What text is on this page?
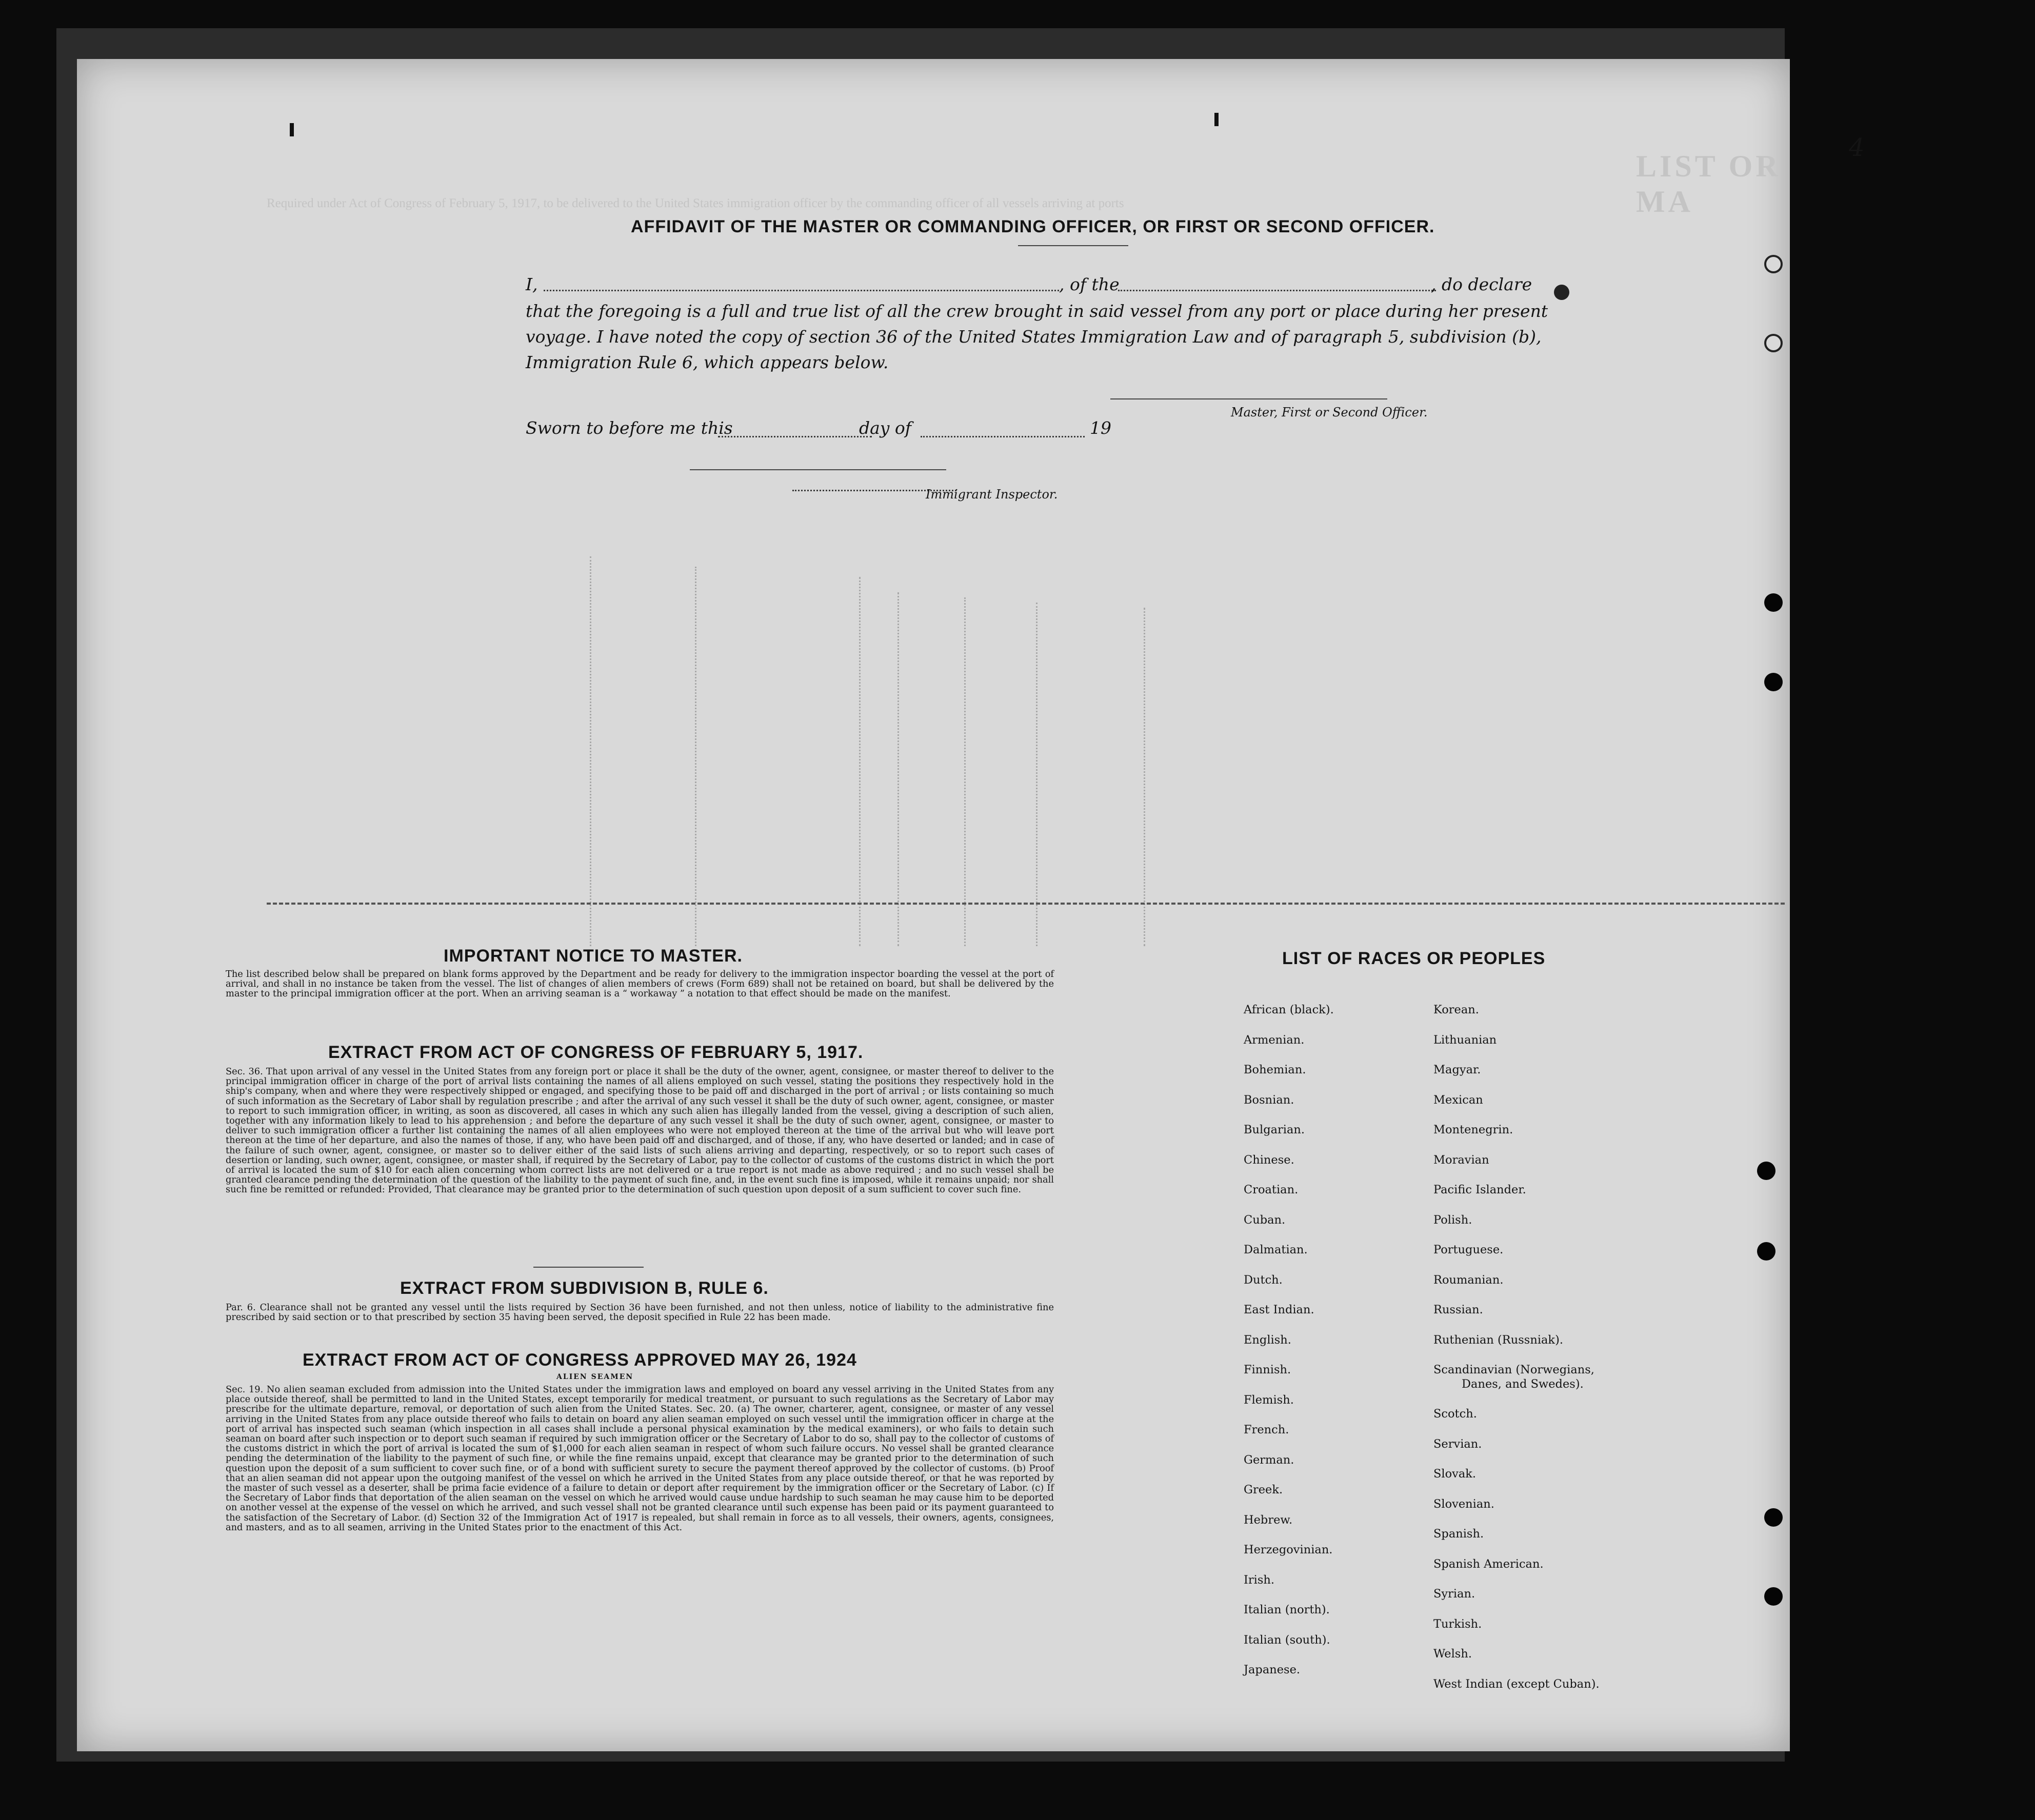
LIST OR MA
Required under Act of Congress of February 5, 1917, to be delivered to the United States immigration officer by the commanding officer of all vessels arriving at ports
4
AFFIDAVIT OF THE MASTER OR COMMANDING OFFICER, OR FIRST OR SECOND OFFICER.
I,	, of the	, do declare
that the foregoing is a full and true list of all the crew brought in said vessel from any port or place during her present
voyage. I have noted the copy of section 36 of the United States Immigration Law and of paragraph 5, subdivision (b),
Immigration Rule 6, which appears below.
Master, First or Second Officer.
Sworn to before me this	day of	19
Immigrant Inspector.
IMPORTANT NOTICE TO MASTER.

The list described below shall be prepared on blank forms approved by the Department and be ready for delivery to the immigration inspector boarding the vessel at the port of arrival, and shall in no instance be taken from the vessel. The list of changes of alien members of crews (Form 689) shall not be retained on board, but shall be delivered by the master to the principal immigration officer at the port. When an arriving seaman is a “ workaway ” a notation to that effect should be made on the manifest.

EXTRACT FROM ACT OF CONGRESS OF FEBRUARY 5, 1917.

Sec. 36. That upon arrival of any vessel in the United States from any foreign port or place it shall be the duty of the owner, agent, consignee, or master thereof to deliver to the principal immigration officer in charge of the port of arrival lists containing the names of all aliens employed on such vessel, stating the positions they respectively hold in the ship's company, when and where they were respectively shipped or engaged, and specifying those to be paid off and discharged in the port of arrival ; or lists containing so much of such information as the Secretary of Labor shall by regulation prescribe ; and after the arrival of any such vessel it shall be the duty of such owner, agent, consignee, or master to report to such immigration officer, in writing, as soon as discovered, all cases in which any such alien has illegally landed from the vessel, giving a description of such alien, together with any information likely to lead to his apprehension ; and before the departure of any such vessel it shall be the duty of such owner, agent, consignee, or master to deliver to such immigration officer a further list containing the names of all alien employees who were not employed thereon at the time of the arrival but who will leave port thereon at the time of her departure, and also the names of those, if any, who have been paid off and discharged, and of those, if any, who have deserted or landed; and in case of the failure of such owner, agent, consignee, or master so to deliver either of the said lists of such aliens arriving and departing, respectively, or so to report such cases of desertion or landing, such owner, agent, consignee, or master shall, if required by the Secretary of Labor, pay to the collector of customs of the customs district in which the port of arrival is located the sum of $10 for each alien concerning whom correct lists are not delivered or a true report is not made as above required ; and no such vessel shall be granted clearance pending the determination of the question of the liability to the payment of such fine, and, in the event such fine is imposed, while it remains unpaid; nor shall such fine be remitted or refunded: Provided, That clearance may be granted prior to the determination of such question upon deposit of a sum sufficient to cover such fine.

EXTRACT FROM SUBDIVISION B, RULE 6.

Par. 6. Clearance shall not be granted any vessel until the lists required by Section 36 have been furnished, and not then unless, notice of liability to the administrative fine prescribed by said section or to that prescribed by section 35 having been served, the deposit specified in Rule 22 has been made.

EXTRACT FROM ACT OF CONGRESS APPROVED MAY 26, 1924
ALIEN SEAMEN

Sec. 19. No alien seaman excluded from admission into the United States under the immigration laws and employed on board any vessel arriving in the United States from any place outside thereof, shall be permitted to land in the United States, except temporarily for medical treatment, or pursuant to such regulations as the Secretary of Labor may prescribe for the ultimate departure, removal, or deportation of such alien from the United States. Sec. 20. (a) The owner, charterer, agent, consignee, or master of any vessel arriving in the United States from any place outside thereof who fails to detain on board any alien seaman employed on such vessel until the immigration officer in charge at the port of arrival has inspected such seaman (which inspection in all cases shall include a personal physical examination by the medical examiners), or who fails to detain such seaman on board after such inspection or to deport such seaman if required by such immigration officer or the Secretary of Labor to do so, shall pay to the collector of customs of the customs district in which the port of arrival is located the sum of $1,000 for each alien seaman in respect of whom such failure occurs. No vessel shall be granted clearance pending the determination of the liability to the payment of such fine, or while the fine remains unpaid, except that clearance may be granted prior to the determination of such question upon the deposit of a sum sufficient to cover such fine, or of a bond with sufficient surety to secure the payment thereof approved by the collector of customs. (b) Proof that an alien seaman did not appear upon the outgoing manifest of the vessel on which he arrived in the United States from any place outside thereof, or that he was reported by the master of such vessel as a deserter, shall be prima facie evidence of a failure to detain or deport after requirement by the immigration officer or the Secretary of Labor. (c) If the Secretary of Labor finds that deportation of the alien seaman on the vessel on which he arrived would cause undue hardship to such seaman he may cause him to be deported on another vessel at the expense of the vessel on which he arrived, and such vessel shall not be granted clearance until such expense has been paid or its payment guaranteed to the satisfaction of the Secretary of Labor. (d) Section 32 of the Immigration Act of 1917 is repealed, but shall remain in force as to all vessels, their owners, agents, consignees, and masters, and as to all seamen, arriving in the United States prior to the enactment of this Act.

LIST OF RACES OR PEOPLES
African (black).
Armenian.
Bohemian.
Bosnian.
Bulgarian.
Chinese.
Croatian.
Cuban.
Dalmatian.
Dutch.
East Indian.
English.
Finnish.
Flemish.
French.
German.
Greek.
Hebrew.
Herzegovinian.
Irish.
Italian (north).
Italian (south).
Japanese.
Korean.
Lithuanian
Magyar.
Mexican
Montenegrin.
Moravian
Pacific Islander.
Polish.
Portuguese.
Roumanian.
Russian.
Ruthenian (Russniak).
Scandinavian (Norwegians,
Danes, and Swedes).
Scotch.
Servian.
Slovak.
Slovenian.
Spanish.
Spanish American.
Syrian.
Turkish.
Welsh.
West Indian (except Cuban).
